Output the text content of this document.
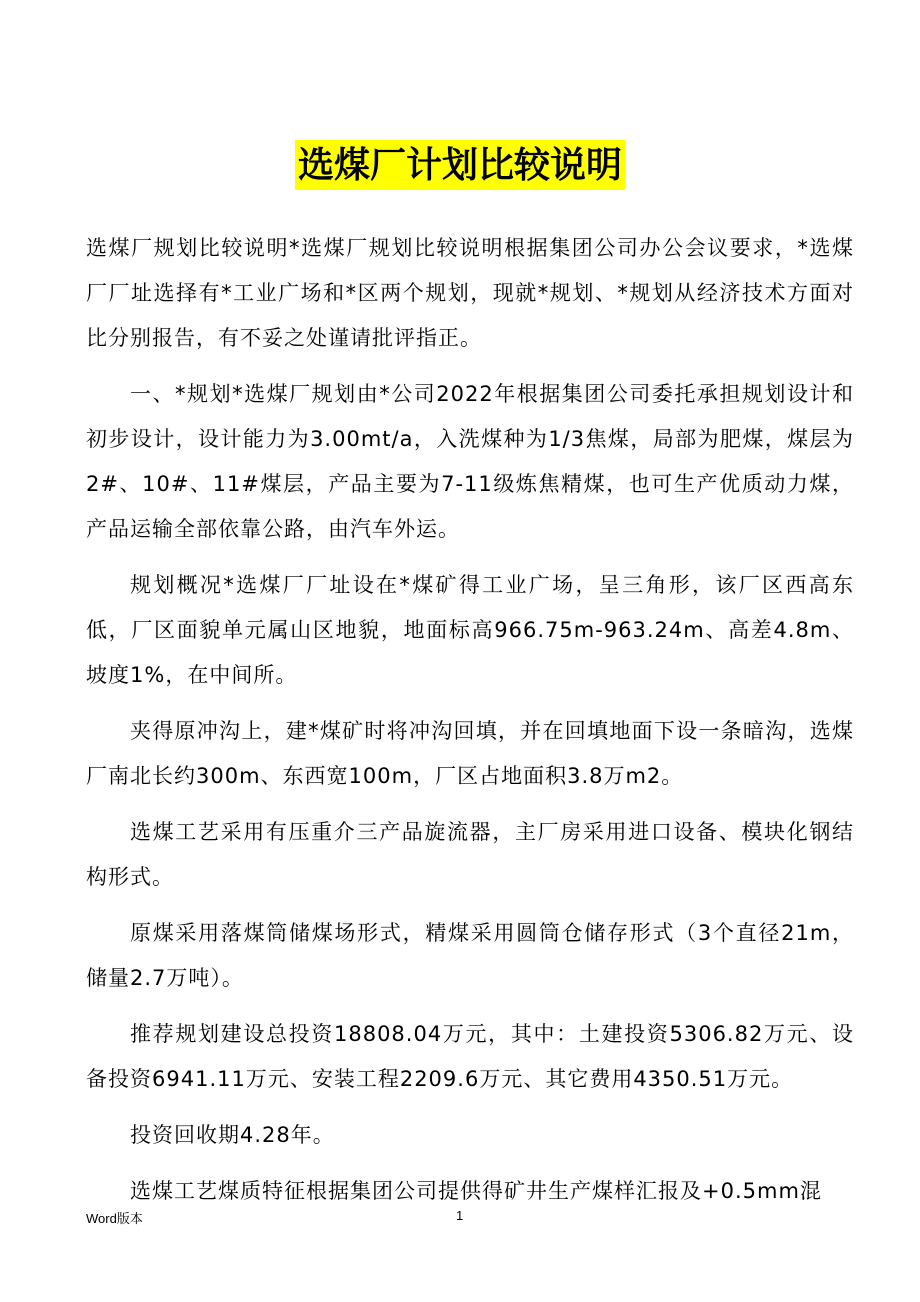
选煤厂计划比较说明

选煤厂规划比较说明*选煤厂规划比较说明根据集团公司办公会议要求，*选煤厂厂址选择有*工业广场和*区两个规划，现就*规划、*规划从经济技术方面对比分别报告，有不妥之处谨请批评指正。

一、*规划*选煤厂规划由*公司2022年根据集团公司委托承担规划设计和初步设计，设计能力为3.00mt/a，入洗煤种为1/3焦煤，局部为肥煤，煤层为2#、10#、11#煤层，产品主要为7-11级炼焦精煤，也可生产优质动力煤，产品运输全部依靠公路，由汽车外运。

规划概况*选煤厂厂址设在*煤矿得工业广场，呈三角形，该厂区西高东低，厂区面貌单元属山区地貌，地面标高966.75m-963.24m、高差4.8m、坡度1%，在中间所。

夹得原冲沟上，建*煤矿时将冲沟回填，并在回填地面下设一条暗沟，选煤厂南北长约300m、东西宽100m，厂区占地面积3.8万m2。

选煤工艺采用有压重介三产品旋流器，主厂房采用进口设备、模块化钢结构形式。

原煤采用落煤筒储煤场形式，精煤采用圆筒仓储存形式（3个直径21m，储量2.7万吨）。

推荐规划建设总投资18808.04万元，其中：土建投资5306.82万元、设备投资6941.11万元、安装工程2209.6万元、其它费用4350.51万元。

投资回收期4.28年。

选煤工艺煤质特征根据集团公司提供得矿井生产煤样汇报及+0.5mm混

Word版本	1
